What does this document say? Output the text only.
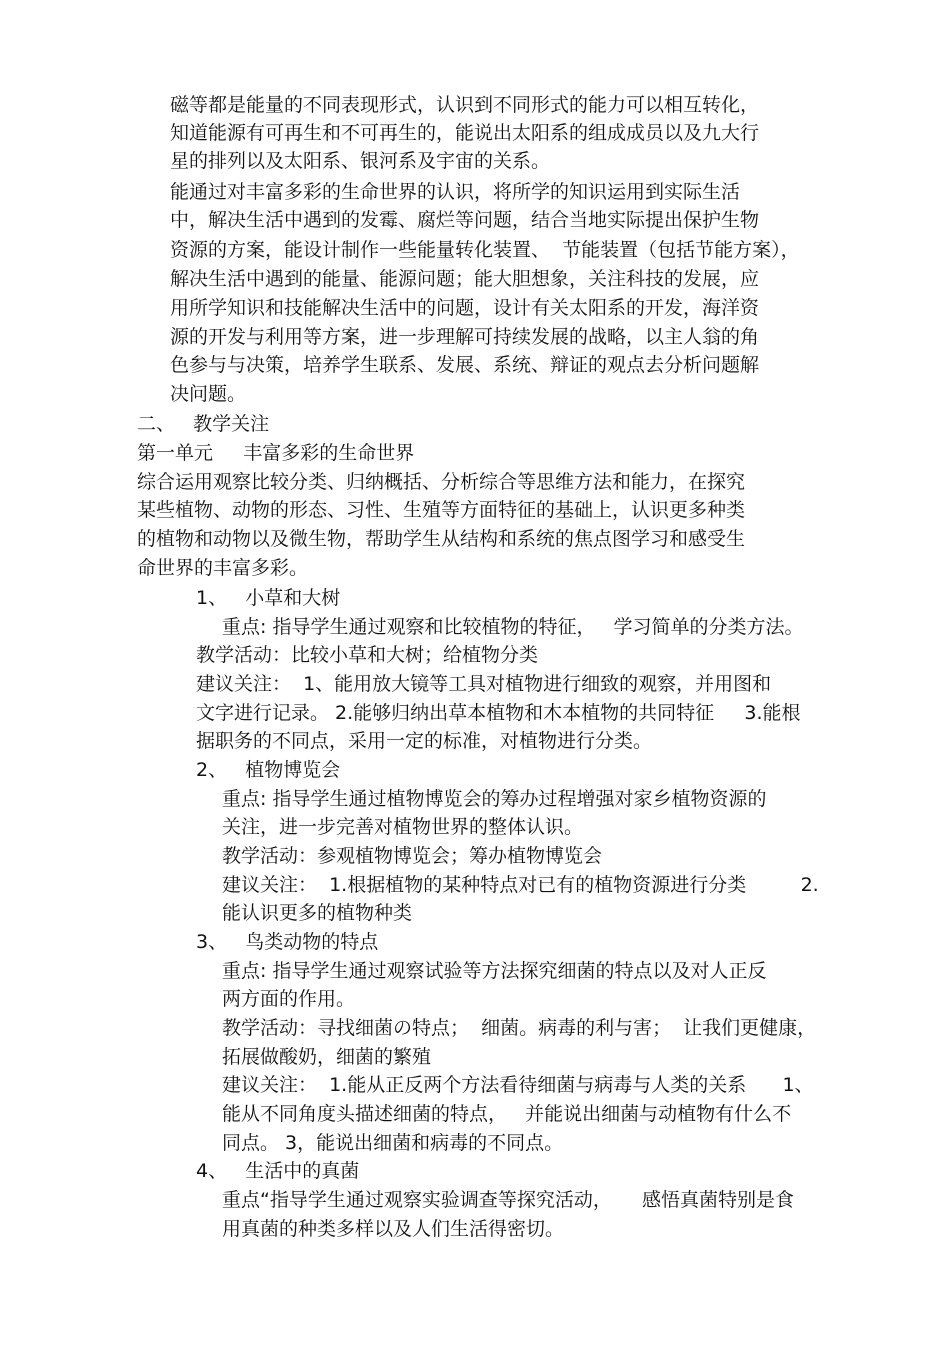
磁等都是能量的不同表现形式，认识到不同形式的能力可以相互转化，
知道能源有可再生和不可再生的，能说出太阳系的组成成员以及九大行
星的排列以及太阳系、银河系及宇宙的关系。
能通过对丰富多彩的生命世界的认识，将所学的知识运用到实际生活
中，解决生活中遇到的发霉、腐烂等问题，结合当地实际提出保护生物
资源的方案，能设计制作一些能量转化装置、  节能装置（包括节能方案），
解决生活中遇到的能量、能源问题；能大胆想象，关注科技的发展，应
用所学知识和技能解决生活中的问题，设计有关太阳系的开发，海洋资
源的开发与利用等方案，进一步理解可持续发展的战略，以主人翁的角
色参与与决策，培养学生联系、发展、系统、辩证的观点去分析问题解
决问题。
二、   教学关注
第一单元     丰富多彩的生命世界
综合运用观察比较分类、归纳概括、分析综合等思维方法和能力，在探究
某些植物、动物的形态、习性、生殖等方面特征的基础上，认识更多种类
的植物和动物以及微生物，帮助学生从结构和系统的焦点图学习和感受生
命世界的丰富多彩。
1、   小草和大树
重点: 指导学生通过观察和比较植物的特征，   学习简单的分类方法。
教学活动：比较小草和大树；给植物分类
建议关注：  1、能用放大镜等工具对植物进行细致的观察，并用图和
文字进行记录。 2.能够归纳出草本植物和木本植物的共同特征     3.能根
据职务的不同点，采用一定的标准，对植物进行分类。
2、   植物博览会
重点: 指导学生通过植物博览会的筹办过程增强对家乡植物资源的
关注，进一步完善对植物世界的整体认识。
教学活动：参观植物博览会；筹办植物博览会
建议关注：  1.根据植物的某种特点对已有的植物资源进行分类         2.
能认识更多的植物种类
3、   鸟类动物的特点
重点: 指导学生通过观察试验等方法探究细菌的特点以及对人正反
两方面的作用。
教学活动：寻找细菌の特点；  细菌。病毒的利与害；  让我们更健康，
拓展做酸奶，细菌的繁殖
建议关注：  1.能从正反两个方法看待细菌与病毒与人类的关系      1、
能从不同角度头描述细菌的特点，   并能说出细菌与动植物有什么不
同点。 3，能说出细菌和病毒的不同点。
4、   生活中的真菌
重点“指导学生通过观察实验调查等探究活动，     感悟真菌特别是食
用真菌的种类多样以及人们生活得密切。
